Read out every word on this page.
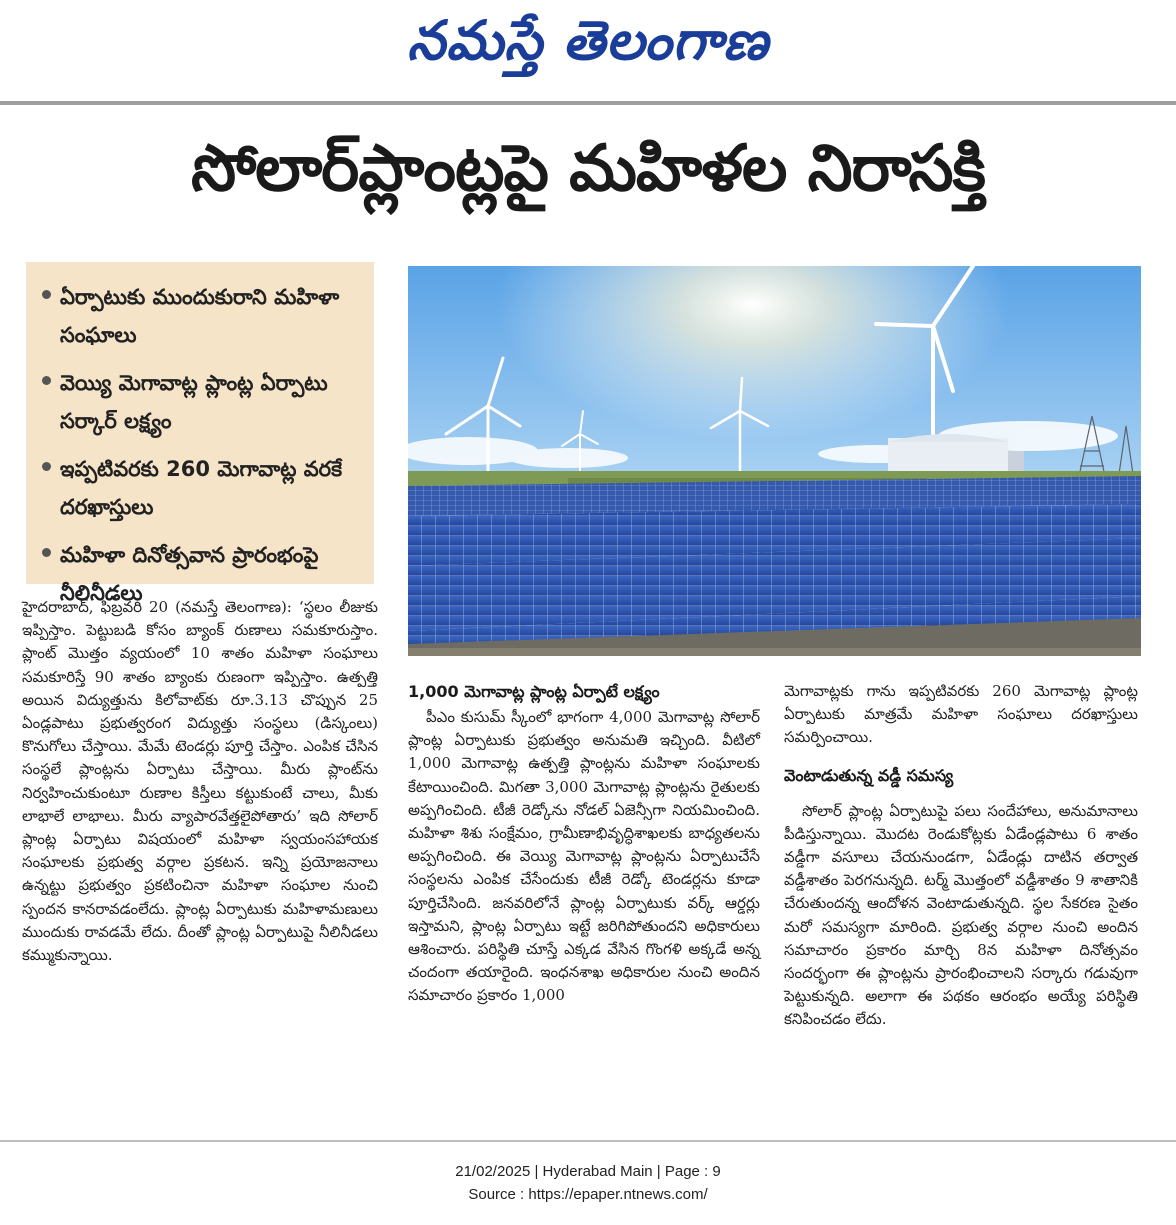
నమస్తే తెలంగాణ
సోలార్‌ప్లాంట్లపై మహిళల నిరాసక్తి
ఏర్పాటుకు ముందుకురాని మహిళా సంఘాలు
వెయ్యి మెగావాట్ల ప్లాంట్ల ఏర్పాటు సర్కార్‌ లక్ష్యం
ఇప్పటివరకు 260 మెగావాట్ల వరకే దరఖాస్తులు
మహిళా దినోత్సవాన ప్రారంభంపై నీలినీడలు

హైదరాబాద్‌, ఫిబ్రవరి 20 (నమస్తే తెలంగాణ): ‘స్థలం లీజుకు ఇప్పిస్తాం. పెట్టుబడి కోసం బ్యాంక్‌ రుణాలు సమకూరుస్తాం. ప్లాంట్‌ మొత్తం వ్యయంలో 10 శాతం మహిళా సంఘాలు సమకూరిస్తే 90 శాతం బ్యాంకు రుణంగా ఇప్పిస్తాం. ఉత్పత్తి అయిన విద్యుత్తును కిలోవాట్‌కు రూ.3.13 చొప్పున 25 ఏండ్లపాటు ప్రభుత్వరంగ విద్యుత్తు సంస్థలు (డిస్కంలు) కొనుగోలు చేస్తాయి. మేమే టెండర్లు పూర్తి చేస్తాం. ఎంపిక చేసిన సంస్థలే ప్లాంట్లను ఏర్పాటు చేస్తాయి. మీరు ప్లాంట్‌ను నిర్వహించుకుంటూ రుణాల కిస్తీలు కట్టుకుంటే చాలు, మీకు లాభాలే లాభాలు. మీరు వ్యాపారవేత్తలైపోతారు’ ఇది సోలార్‌ ప్లాంట్ల ఏర్పాటు విషయంలో మహిళా స్వయంసహాయక సంఘాలకు ప్రభుత్వ వర్గాల ప్రకటన. ఇన్ని ప్రయోజనాలు ఉన్నట్టు ప్రభుత్వం ప్రకటించినా మహిళా సంఘాల నుంచి స్పందన కానరావడంలేదు. ప్లాంట్ల ఏర్పాటుకు మహిళామణులు ముందుకు రావడమే లేదు. దీంతో ప్లాంట్ల ఏర్పాటుపై నీలినీడలు కమ్ముకున్నాయి.

1,000 మెగావాట్ల ప్లాంట్ల ఏర్పాటే లక్ష్యం

పీఎం కుసుమ్‌ స్కీంలో భాగంగా 4,000 మెగావాట్ల సోలార్‌ ప్లాంట్ల ఏర్పాటుకు ప్రభుత్వం అనుమతి ఇచ్చింది. వీటిలో 1,000 మెగావాట్ల ఉత్పత్తి ప్లాంట్లను మహిళా సంఘాలకు కేటాయించింది. మిగతా 3,000 మెగావాట్ల ప్లాంట్లను రైతులకు అప్పగించింది. టీజీ రెడ్కోను నోడల్‌ ఏజెన్సీగా నియమించింది. మహిళా శిశు సంక్షేమం, గ్రామీణాభివృద్ధిశాఖలకు బాధ్యతలను అప్పగించింది. ఈ వెయ్యి మెగావాట్ల ప్లాంట్లను ఏర్పాటుచేసే సంస్థలను ఎంపిక చేసేందుకు టీజీ రెడ్కో టెండర్లను కూడా పూర్తిచేసింది. జనవరిలోనే ప్లాంట్ల ఏర్పాటుకు వర్క్‌ ఆర్డర్లు ఇస్తామని, ప్లాంట్ల ఏర్పాటు ఇట్టే జరిగిపోతుందని అధికారులు ఆశించారు. పరిస్థితి చూస్తే ఎక్కడ వేసిన గొంగళి అక్కడే అన్న చందంగా తయారైంది. ఇంధనశాఖ అధికారుల నుంచి అందిన సమాచారం ప్రకారం 1,000

మెగావాట్లకు గాను ఇప్పటివరకు 260 మెగావాట్ల ప్లాంట్ల ఏర్పాటుకు మాత్రమే మహిళా సంఘాలు దరఖాస్తులు సమర్పించాయి.

వెంటాడుతున్న వడ్డీ సమస్య

సోలార్‌ ప్లాంట్ల ఏర్పాటుపై పలు సందేహాలు, అనుమానాలు పీడిస్తున్నాయి. మొదట రెండుకోట్లకు ఏడేండ్లపాటు 6 శాతం వడ్డీగా వసూలు చేయనుండగా, ఏడేండ్లు దాటిన తర్వాత వడ్డీశాతం పెరగనున్నది. టర్మ్‌ మొత్తంలో వడ్డీశాతం 9 శాతానికి చేరుతుందన్న ఆందోళన వెంటాడుతున్నది. స్థల సేకరణ సైతం మరో సమస్యగా మారింది. ప్రభుత్వ వర్గాల నుంచి అందిన సమాచారం ప్రకారం మార్చి 8న మహిళా దినోత్సవం సందర్భంగా ఈ ప్లాంట్లను ప్రారంభించాలని సర్కారు గడువుగా పెట్టుకున్నది. అలాగా ఈ పథకం ఆరంభం అయ్యే పరిస్థితి కనిపించడం లేదు.

21/02/2025 | Hyderabad Main | Page : 9
Source : https://epaper.ntnews.com/
